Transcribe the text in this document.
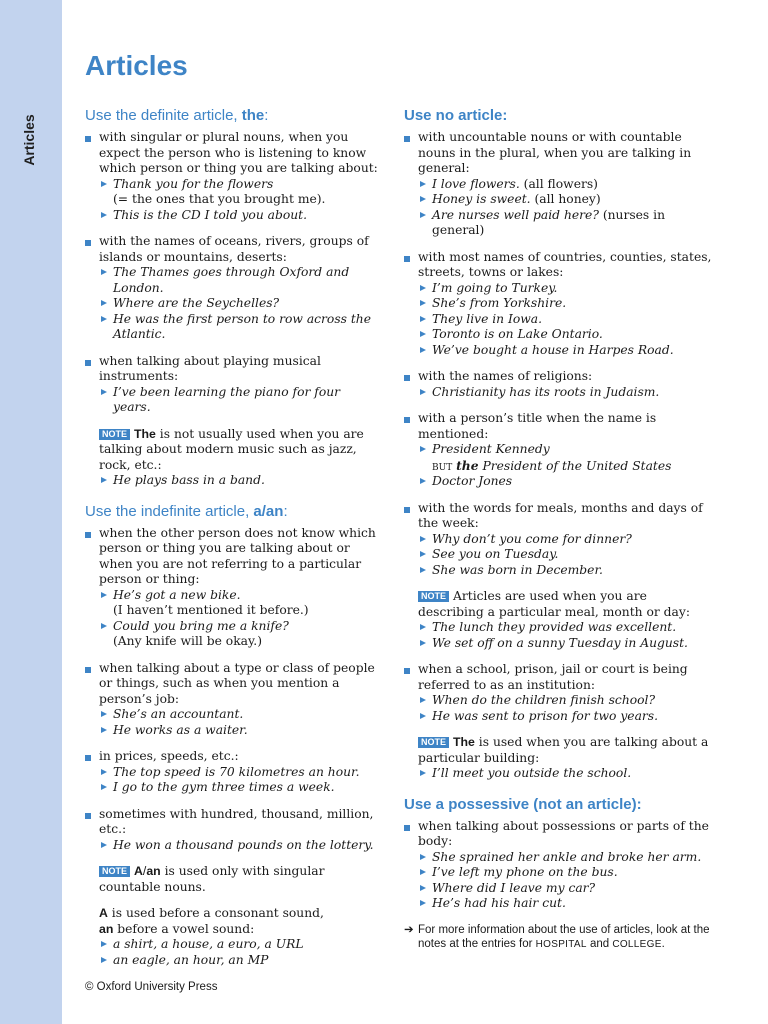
Articles
Articles
Use the definite article, the:
with singular or plural nouns, when you expect the person who is listening to know which person or thing you are talking about:
Thank you for the flowers
(= the ones that you brought me).
This is the CD I told you about.
with the names of oceans, rivers, groups of islands or mountains, deserts:
The Thames goes through Oxford and London.
Where are the Seychelles?
He was the first person to row across the Atlantic.
when talking about playing musical instruments:
I’ve been learning the piano for four years.
NOTE The is not usually used when you are talking about modern music such as jazz, rock, etc.:
He plays bass in a band.
Use the indefinite article, a/an:
when the other person does not know which person or thing you are talking about or when you are not referring to a particular person or thing:
He’s got a new bike.
(I haven’t mentioned it before.)
Could you bring me a knife?
(Any knife will be okay.)
when talking about a type or class of people or things, such as when you mention a person’s job:
She’s an accountant.
He works as a waiter.
in prices, speeds, etc.:
The top speed is 70 kilometres an hour.
I go to the gym three times a week.
sometimes with hundred, thousand, million, etc.:
He won a thousand pounds on the lottery.
NOTE A/an is used only with singular countable nouns.
A is used before a consonant sound,
an before a vowel sound:
a shirt, a house, a euro, a URL
an eagle, an hour, an MP
Use no article:
with uncountable nouns or with countable nouns in the plural, when you are talking in general:
I love flowers. (all flowers)
Honey is sweet. (all honey)
Are nurses well paid here? (nurses in general)
with most names of countries, counties, states, streets, towns or lakes:
I’m going to Turkey.
She’s from Yorkshire.
They live in Iowa.
Toronto is on Lake Ontario.
We’ve bought a house in Harpes Road.
with the names of religions:
Christianity has its roots in Judaism.
with a person’s title when the name is mentioned:
President Kennedy
but the President of the United States
Doctor Jones
with the words for meals, months and days of the week:
Why don’t you come for dinner?
See you on Tuesday.
She was born in December.
NOTE Articles are used when you are describing a particular meal, month or day:
The lunch they provided was excellent.
We set off on a sunny Tuesday in August.
when a school, prison, jail or court is being referred to as an institution:
When do the children finish school?
He was sent to prison for two years.
NOTE The is used when you are talking about a particular building:
I’ll meet you outside the school.
Use a possessive (not an article):
when talking about possessions or parts of the body:
She sprained her ankle and broke her arm.
I’ve left my phone on the bus.
Where did I leave my car?
He’s had his hair cut.
➔ For more information about the use of articles, look at the notes at the entries for HOSPITAL and COLLEGE.
© Oxford University Press
